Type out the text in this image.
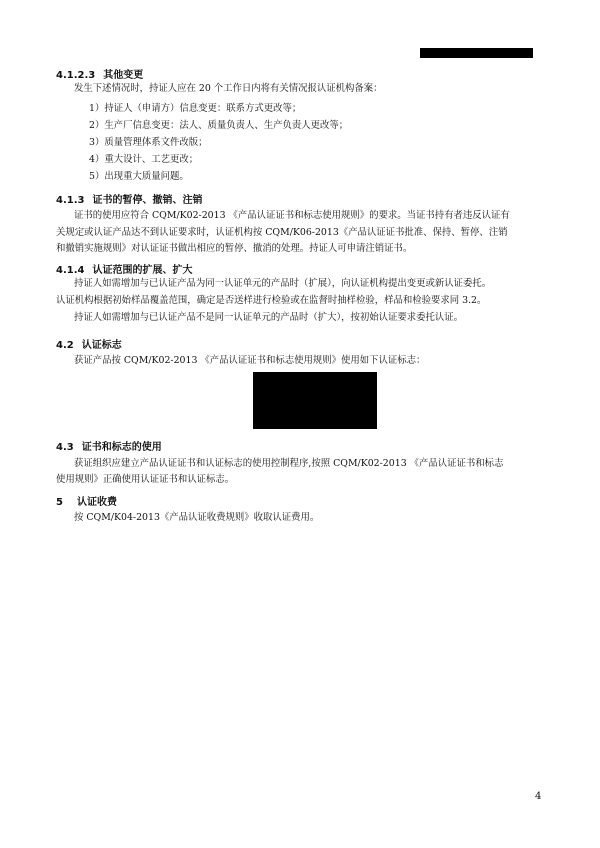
4.1.2.3 其他变更
发生下述情况时，持证人应在 20 个工作日内将有关情况报认证机构备案：
1）持证人（申请方）信息变更：联系方式更改等；
2）生产厂信息变更：法人、质量负责人、生产负责人更改等；
3）质量管理体系文件改版；
4）重大设计、工艺更改；
5）出现重大质量问题。
4.1.3 证书的暂停、撤销、注销
证书的使用应符合 CQM/K02-2013 《产品认证证书和标志使用规则》的要求。当证书持有者违反认证有
关规定或认证产品达不到认证要求时，认证机构按 CQM/K06-2013《产品认证证书批准、保持、暂停、注销
和撤销实施规则》对认证证书做出相应的暂停、撤消的处理。持证人可申请注销证书。
4.1.4 认证范围的扩展、扩大
持证人如需增加与已认证产品为同一认证单元的产品时（扩展），向认证机构提出变更或新认证委托。
认证机构根据初始样品覆盖范围，确定是否送样进行检验或在监督时抽样检验，样品和检验要求同 3.2。
持证人如需增加与已认证产品不是同一认证单元的产品时（扩大），按初始认证要求委托认证。
4.2 认证标志
获证产品按 CQM/K02-2013 《产品认证证书和标志使用规则》使用如下认证标志：
4.3 证书和标志的使用
获证组织应建立产品认证证书和认证标志的使用控制程序,按照 CQM/K02-2013 《产品认证证书和标志
使用规则》正确使用认证证书和认证标志。
5 认证收费
按 CQM/K04-2013《产品认证收费规则》收取认证费用。
4
